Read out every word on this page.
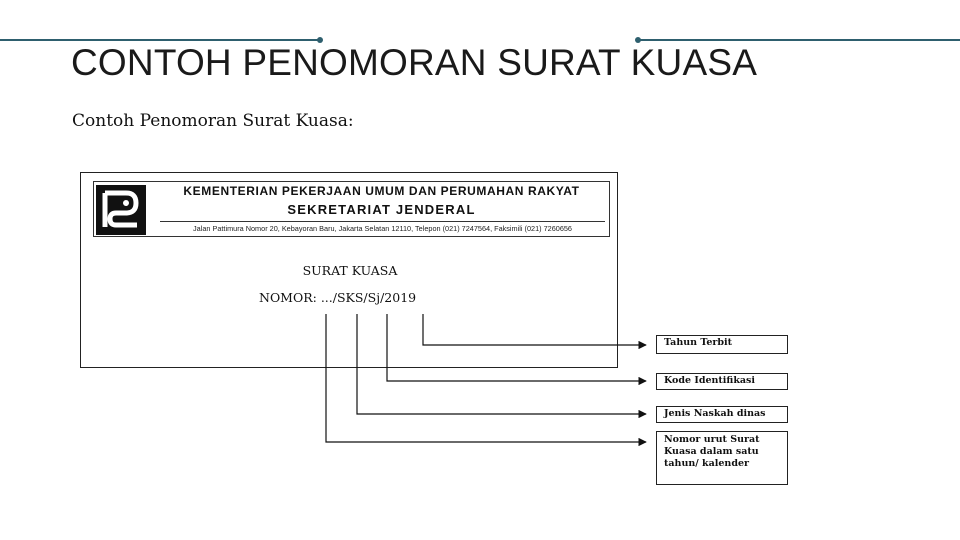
CONTOH PENOMORAN SURAT KUASA
Contoh Penomoran Surat Kuasa:
KEMENTERIAN PEKERJAAN UMUM DAN PERUMAHAN RAKYAT
SEKRETARIAT JENDERAL
Jalan Pattimura Nomor 20, Kebayoran Baru, Jakarta Selatan 12110, Telepon (021) 7247564, Faksimili (021) 7260656
SURAT KUASA
NOMOR: .../SKS/Sj/2019
Tahun Terbit
Kode Identifikasi
Jenis Naskah dinas
Nomor urut Surat Kuasa dalam satu tahun/ kalender
